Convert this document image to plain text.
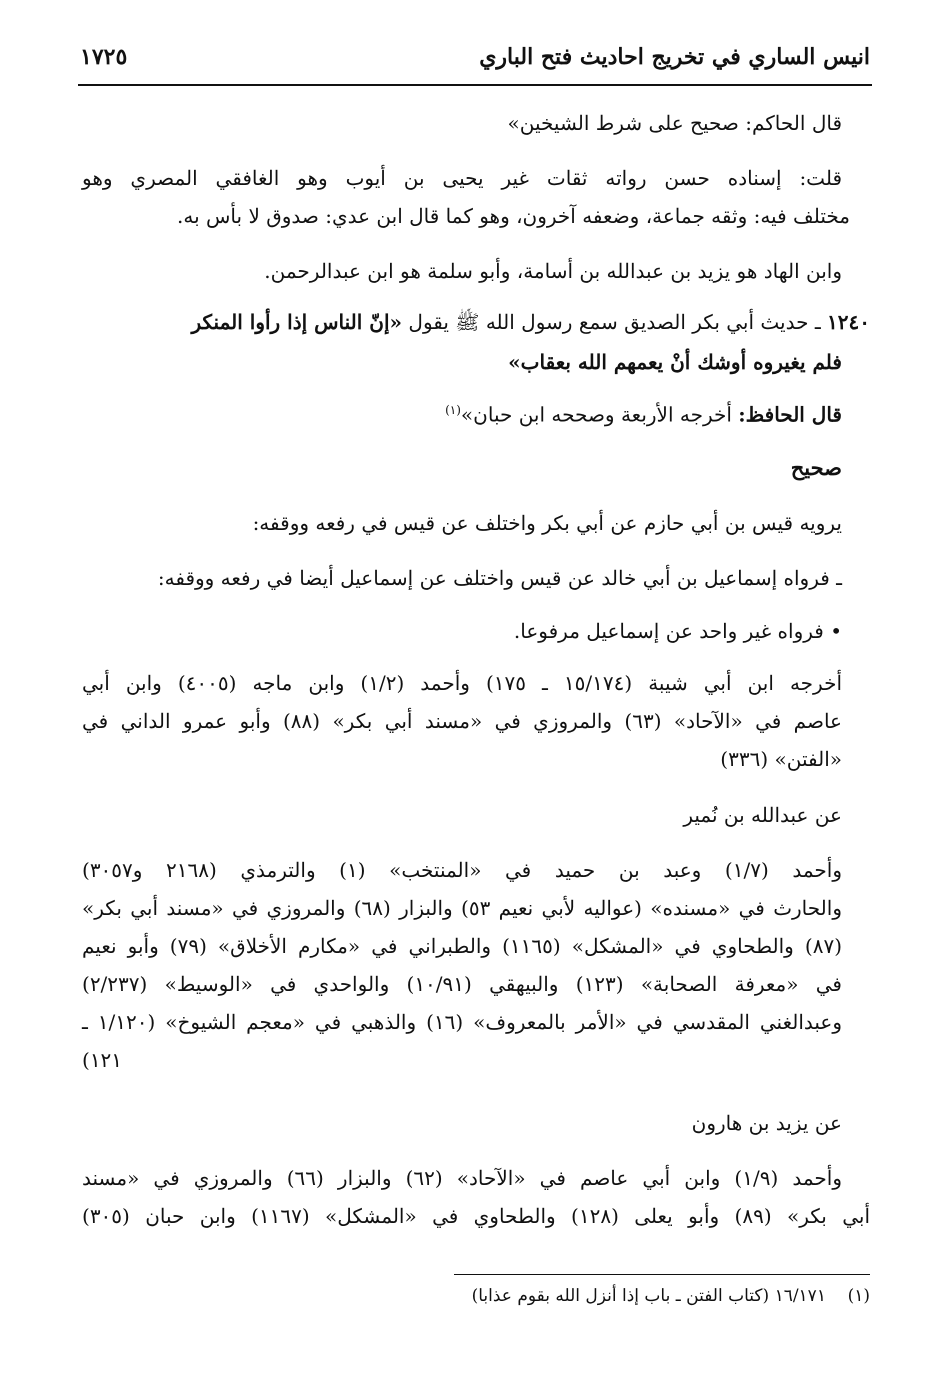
انيس الساري في تخريج احاديث فتح الباري
١٧٢٥
قال الحاكم: صحيح على شرط الشيخين»
قلت: إسناده حسن رواته ثقات غير يحيى بن أيوب وهو الغافقي المصري وهو
مختلف فيه: وثقه جماعة، وضعفه آخرون، وهو كما قال ابن عدي: صدوق لا بأس به.
وابن الهاد هو يزيد بن عبدالله بن أسامة، وأبو سلمة هو ابن عبدالرحمن.
١٢٤٠ ـ حديث أبي بكر الصديق سمع رسول الله ﷺ يقول «إنّ الناس إذا رأوا المنكر
فلم يغيروه أوشك أنْ يعمهم الله بعقاب»
قال الحافظ: أخرجه الأربعة وصححه ابن حبان»$^{(١)}$
صحيح
يرويه قيس بن أبي حازم عن أبي بكر واختلف عن قيس في رفعه ووقفه:
ـ فرواه إسماعيل بن أبي خالد عن قيس واختلف عن إسماعيل أيضا في رفعه ووقفه:
• فرواه غير واحد عن إسماعيل مرفوعا.
أخرجه ابن أبي شيبة (١٥/١٧٤ ـ ١٧٥) وأحمد (١/٢) وابن ماجه (٤٠٠٥) وابن أبي
عاصم في «الآحاد» (٦٣) والمروزي في «مسند أبي بكر» (٨٨) وأبو عمرو الداني في
«الفتن» (٣٣٦)
عن عبدالله بن نُمير
وأحمد (١/٧) وعبد بن حميد في «المنتخب» (١) والترمذي (٢١٦٨ و٣٠٥٧)
والحارث في «مسنده» (عواليه لأبي نعيم ٥٣) والبزار (٦٨) والمروزي في «مسند أبي بكر»
(٨٧) والطحاوي في «المشكل» (١١٦٥) والطبراني في «مكارم الأخلاق» (٧٩) وأبو نعيم
في «معرفة الصحابة» (١٢٣) والبيهقي (١٠/٩١) والواحدي في «الوسيط» (٢/٢٣٧)
وعبدالغني المقدسي في «الأمر بالمعروف» (١٦) والذهبي في «معجم الشيوخ» (١/١٢٠ ـ
١٢١)
عن يزيد بن هارون
وأحمد (١/٩) وابن أبي عاصم في «الآحاد» (٦٢) والبزار (٦٦) والمروزي في «مسند
أبي بكر» (٨٩) وأبو يعلى (١٢٨) والطحاوي في «المشكل» (١١٦٧) وابن حبان (٣٠٥)
(١)    ١٦/١٧١ (كتاب الفتن ـ باب إذا أنزل الله بقوم عذابا)
